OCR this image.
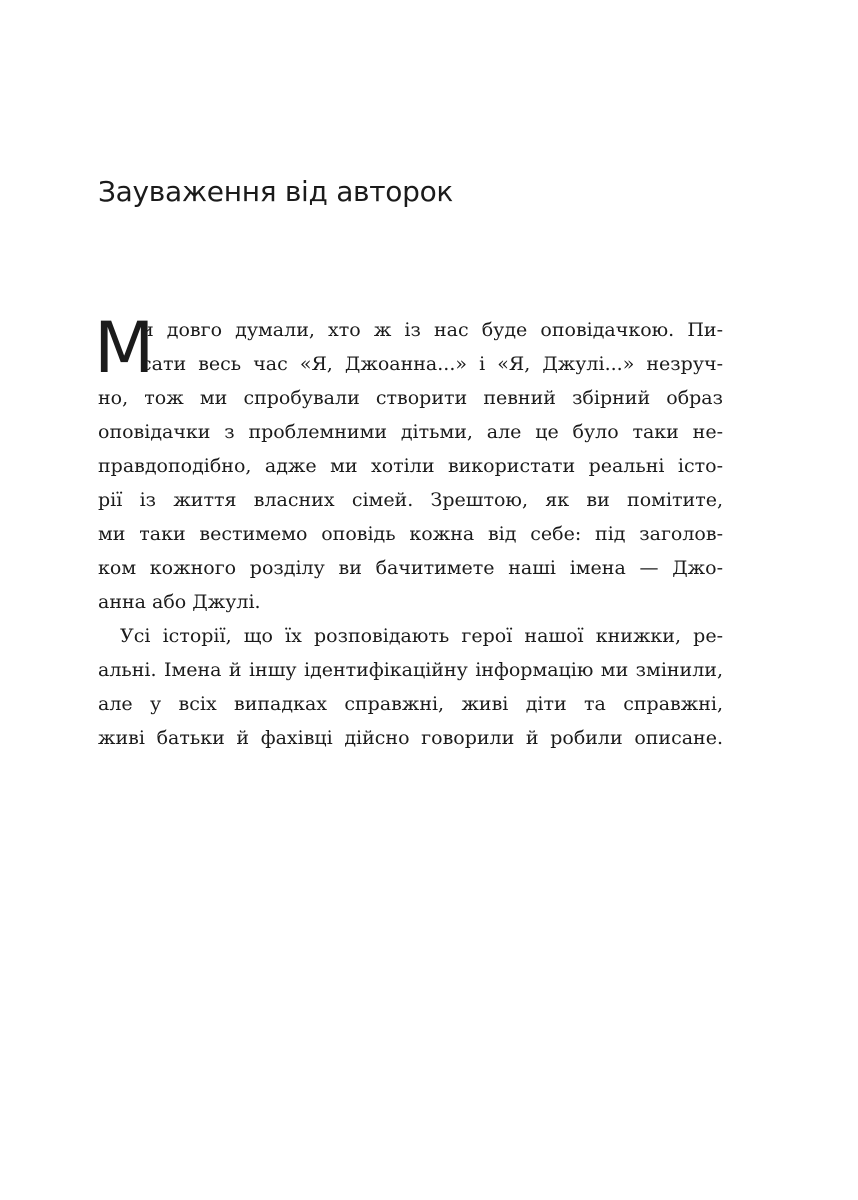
Зауваження від авторок
М
и довго думали, хто ж із нас буде оповідачкою. Пи-
сати весь час «Я, Джоанна...» і «Я, Джулі...» незруч-
но, тож ми спробували створити певний збірний образ
оповідачки з проблемними дітьми, але це було таки не-
правдоподібно, адже ми хотіли використати реальні істо-
рії із життя власних сімей. Зрештою, як ви помітите,
ми таки вестимемо оповідь кожна від себе: під заголов-
ком кожного розділу ви бачитимете наші імена — Джо-
анна або Джулі.
Усі історії, що їх розповідають герої нашої книжки, ре-
альні. Імена й іншу ідентифікаційну інформацію ми змінили,
але у всіх випадках справжні, живі діти та справжні,
живі батьки й фахівці дійсно говорили й робили описане.
